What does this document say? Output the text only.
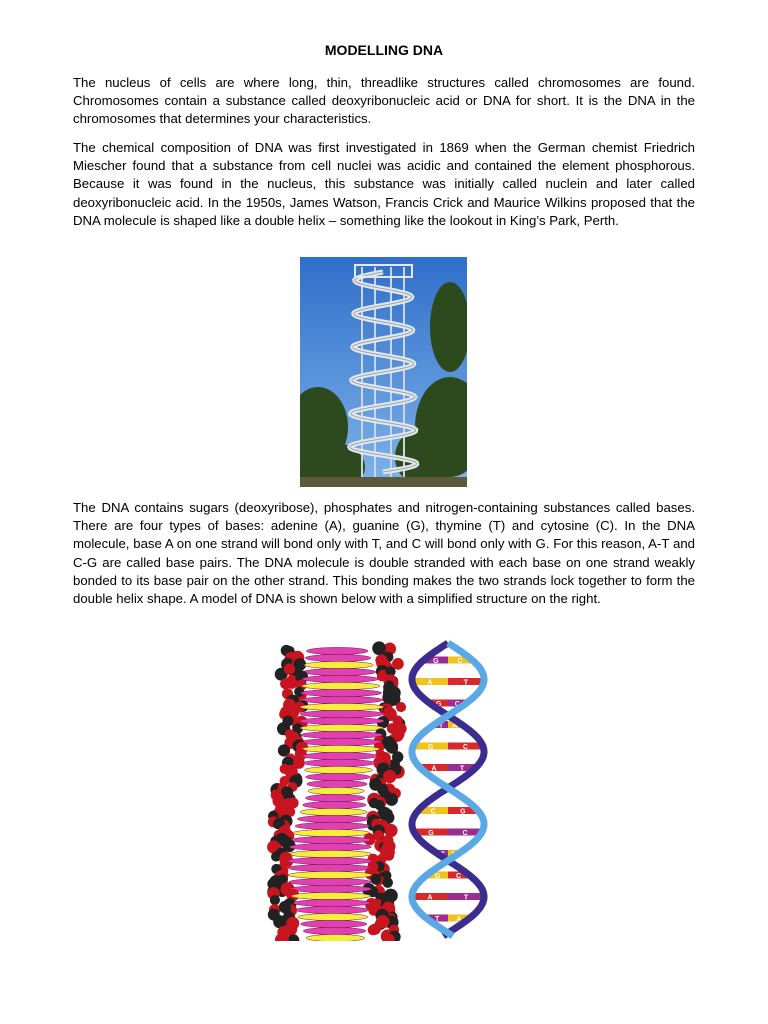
MODELLING DNA

The nucleus of cells are where long, thin, threadlike structures called chromosomes are found. Chromosomes contain a substance called deoxyribonucleic acid or DNA for short. It is the DNA in the chromosomes that determines your characteristics.

The chemical composition of DNA was first investigated in 1869 when the German chemist Friedrich Miescher found that a substance from cell nuclei was acidic and contained the element phosphorous. Because it was found in the nucleus, this substance was initially called nuclein and later called deoxyribonucleic acid. In the 1950s, James Watson, Francis Crick and Maurice Wilkins proposed that the DNA molecule is shaped like a double helix – something like the lookout in King’s Park, Perth.

The DNA contains sugars (deoxyribose), phosphates and nitrogen-containing substances called bases. There are four types of bases: adenine (A), guanine (G), thymine (T) and cytosine (C). In the DNA molecule, base A on one strand will bond only with T, and C will bond only with G. For this reason, A-T and C-G are called base pairs. The DNA molecule is double stranded with each base on one strand weakly bonded to its base pair on the other strand. This bonding makes the two strands lock together to form the double helix shape. A model of DNA is shown below with a simplified structure on the right.

G	C
A	T
G C
T A
G	C
A	T
C	G
G	C
T A
G C
A	T
T A
